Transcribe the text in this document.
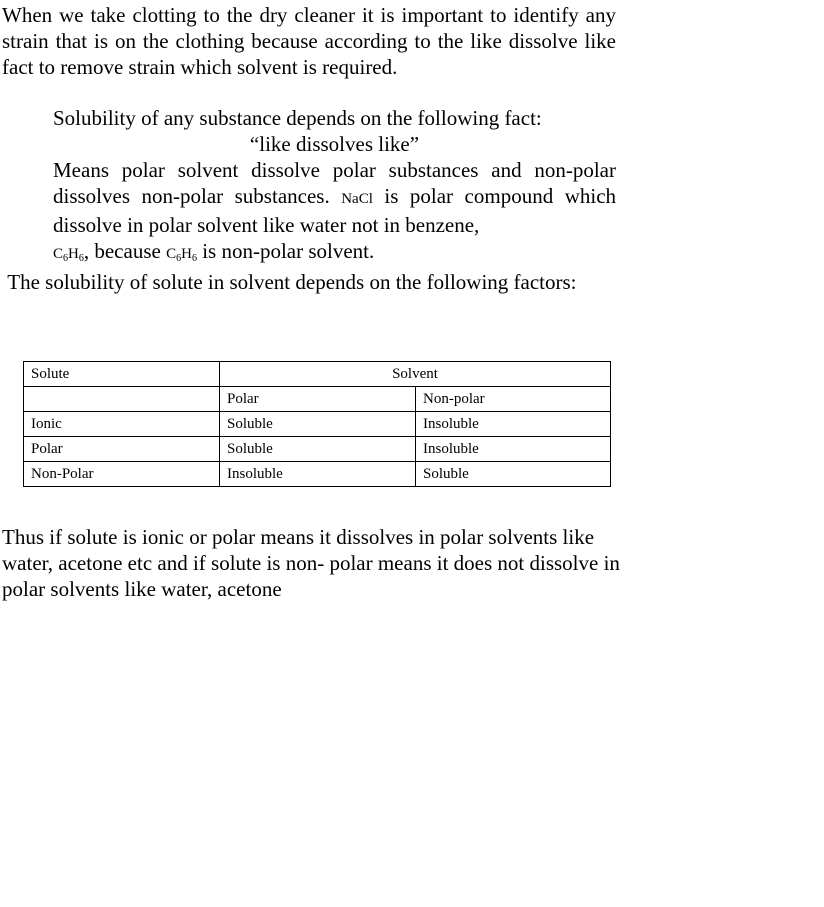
When we take clotting to the dry cleaner it is important to identify any strain that is on the clothing because according to the like dissolve like fact to remove strain which solvent is required.

Solubility of any substance depends on the following fact:
“like dissolves like”
Means polar solvent dissolve polar substances and non-polar dissolves non-polar substances. NaCl is polar compound which dissolve in polar solvent like water not in benzene,
$C_6H_6$, because $C_6H_6$ is non-polar solvent.

The solubility of solute in solvent depends on the following factors:

Solute	Solvent	
	Polar	Non-polar
Ionic	Soluble	Insoluble
Polar	Soluble	Insoluble
Non-Polar	Insoluble	Soluble

Thus if solute is ionic or polar means it dissolves in polar solvents like water, acetone etc and if solute is non- polar means it does not dissolve in polar solvents like water, acetone
